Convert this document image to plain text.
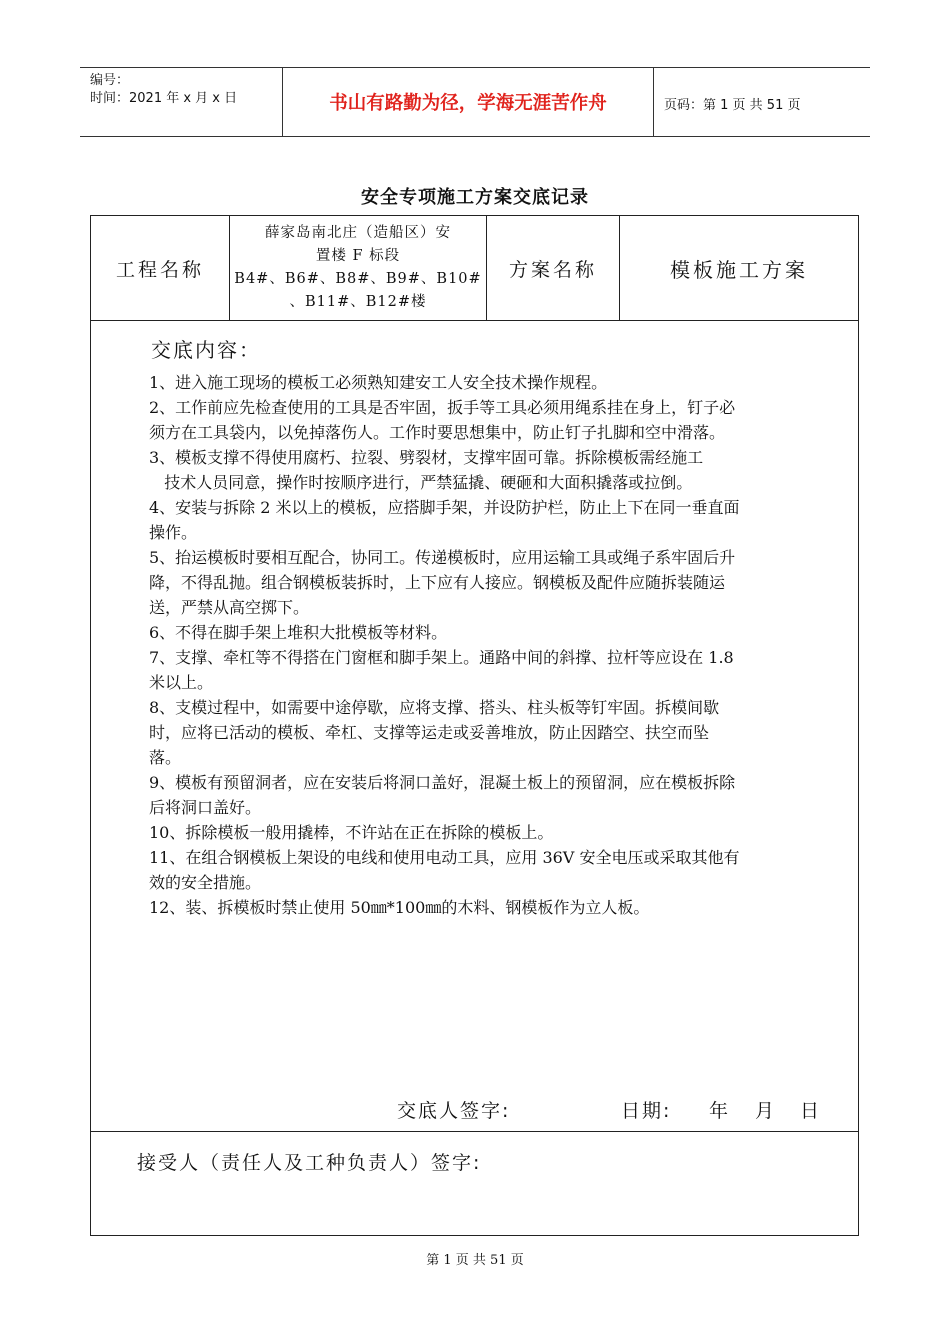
编号：
时间：2021 年 x 月 x 日	书山有路勤为径，学海无涯苦作舟	页码：第 1 页 共 51 页
安全专项施工方案交底记录
工程名称
薛家岛南北庄（造船区）安
置楼 F 标段
B4#、B6#、B8#、B9#、B10#
、B11#、B12#楼
方案名称	模板施工方案
交底内容：
1、进入施工现场的模板工必须熟知建安工人安全技术操作规程。
2、工作前应先检查使用的工具是否牢固，扳手等工具必须用绳系挂在身上，钉子必
须方在工具袋内，以免掉落伤人。工作时要思想集中，防止钉子扎脚和空中滑落。
3、模板支撑不得使用腐朽、拉裂、劈裂材，支撑牢固可靠。拆除模板需经施工
技术人员同意，操作时按顺序进行，严禁猛撬、硬砸和大面积撬落或拉倒。
4、安装与拆除 2 米以上的模板，应搭脚手架，并设防护栏，防止上下在同一垂直面
操作。
5、抬运模板时要相互配合，协同工。传递模板时，应用运输工具或绳子系牢固后升
降，不得乱抛。组合钢模板装拆时，上下应有人接应。钢模板及配件应随拆装随运
送，严禁从高空掷下。
6、不得在脚手架上堆积大批模板等材料。
7、支撑、牵杠等不得搭在门窗框和脚手架上。通路中间的斜撑、拉杆等应设在 1.8
米以上。
8、支模过程中，如需要中途停歇，应将支撑、搭头、柱头板等钉牢固。拆模间歇
时，应将已活动的模板、牵杠、支撑等运走或妥善堆放，防止因踏空、扶空而坠
落。
9、模板有预留洞者，应在安装后将洞口盖好，混凝土板上的预留洞，应在模板拆除
后将洞口盖好。
10、拆除模板一般用撬棒，不许站在正在拆除的模板上。
11、在组合钢模板上架设的电线和使用电动工具，应用 36V 安全电压或采取其他有
效的安全措施。
12、装、拆模板时禁止使用 50㎜*100㎜的木料、钢模板作为立人板。
交底人签字:	日期: 年 月 日
接受人（责任人及工种负责人）签字:
第 1 页 共 51 页
